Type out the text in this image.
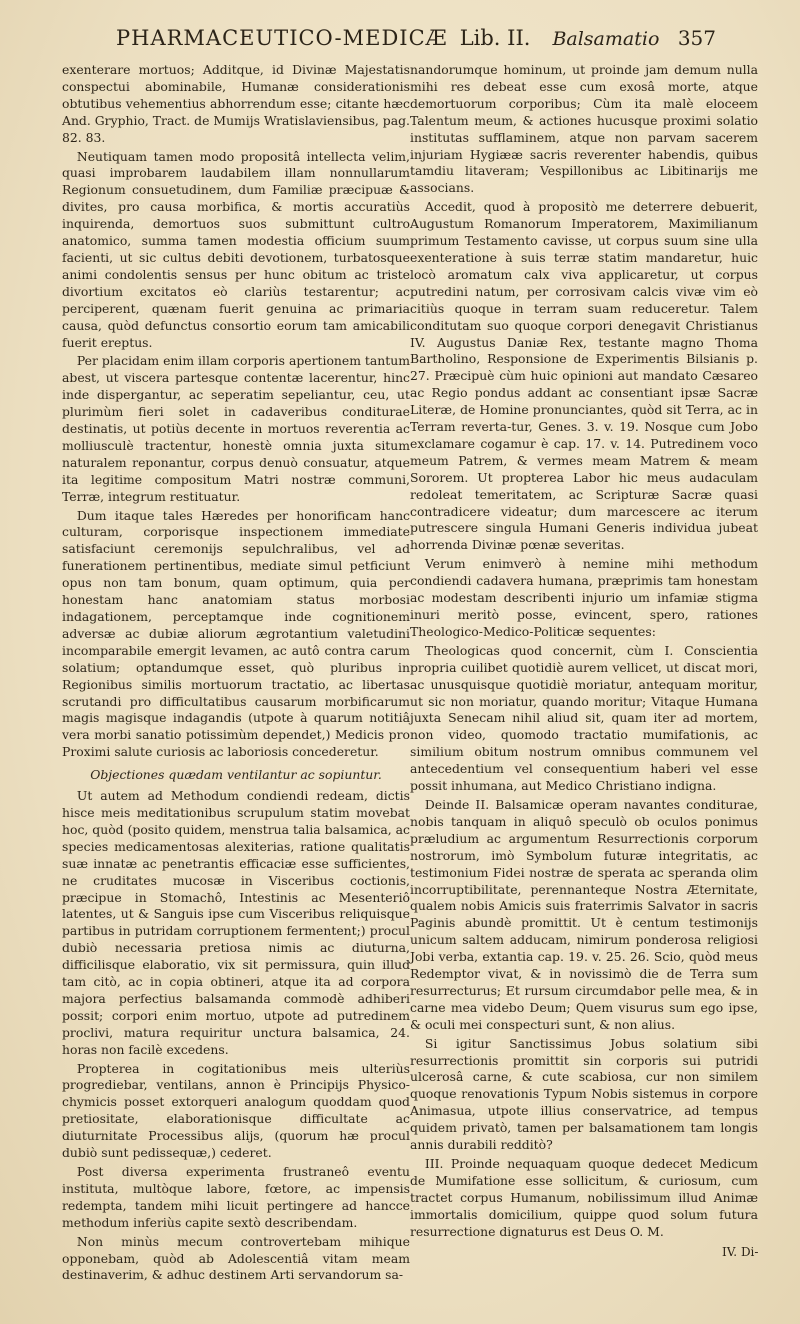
PHARMACEUTICO-MEDICÆ Lib. II. Balsamatio 357

exenterare mortuos; Additque, id Divinæ Majestatis conspectui abominabile, Humanæ considerationis obtutibus vehementius abhorrendum esse; citante hæc And. Gryphio, Tract. de Mumijs Wratislaviensibus, pag. 82. 83.

Neutiquam tamen modo propositâ intellecta velim, quasi improbarem laudabilem illam nonnullarum Regionum consuetudinem, dum Familiæ præcipuæ & divites, pro causa morbifica, & mortis accuratiùs inquirenda, demortuos suos submittunt cultro anatomico, summa tamen modestia officium suum facienti, ut sic cultus debiti devotionem, turbatosque animi condolentis sensus per hunc obitum ac triste divortium excitatos eò clariùs testarentur; ac perciperent, quænam fuerit genuina ac primaria causa, quòd defunctus consortio eorum tam amicabili fuerit ereptus.

Per placidam enim illam corporis apertionem tantum abest, ut viscera partesque contentæ lacerentur, hinc inde dispergantur, ac seperatim sepeliantur, ceu, ut plurimùm fieri solet in cadaveribus conditurae destinatis, ut potiùs decente in mortuos reverentia ac molliusculè tractentur, honestè omnia juxta situm naturalem reponantur, corpus denuò consuatur, atque ita legitime compositum Matri nostræ communi, Terræ, integrum restituatur.

Dum itaque tales Hæredes per honorificam hanc culturam, corporisque inspectionem immediate satisfaciunt ceremonijs sepulchralibus, vel ad funerationem pertinentibus, mediate simul petficiunt opus non tam bonum, quam optimum, quia per honestam hanc anatomiam status morbosi indagationem, perceptamque inde cognitionem adversæ ac dubiæ aliorum ægrotantium valetudini incomparabile emergit levamen, ac autô contra carum solatium; optandumque esset, quò pluribus in Regionibus similis mortuorum tractatio, ac libertas scrutandi pro difficultatibus causarum morbificarum magis magisque indagandis (utpote à quarum notitiâ vera morbi sanatio potissimùm dependet,) Medicis pro Proximi salute curiosis ac laboriosis concederetur.

Objectiones quædam ventilantur ac sopiuntur.

Ut autem ad Methodum condiendi redeam, dictis hisce meis meditationibus scrupulum statim movebat hoc, quòd (posito quidem, menstrua talia balsamica, ac species medicamentosas alexiterias, ratione qualitatis suæ innatæ ac penetrantis efficaciæ esse sufficientes, ne cruditates mucosæ in Visceribus coctionis, præcipue in Stomachô, Intestinis ac Mesenteriô latentes, ut & Sanguis ipse cum Visceribus reliquisque partibus in putridam corruptionem fermentent;) procul dubiò necessaria pretiosa nimis ac diuturna, difficilisque elaboratio, vix sit permissura, quin illud tam citò, ac in copia obtineri, atque ita ad corpora majora perfectius balsamanda commodè adhiberi possit; corpori enim mortuo, utpote ad putredinem proclivi, matura requiritur unctura balsamica, 24. horas non facilè excedens.

Propterea in cogitationibus meis ulteriùs progrediebar, ventilans, annon è Principijs Physico-chymicis posset extorqueri analogum quoddam quod pretiositate, elaborationisque difficultate ac diuturnitate Processibus alijs, (quorum hæ procul dubiò sunt pedissequæ,) cederet.

Post diversa experimenta frustraneô eventu instituta, multòque labore, fœtore, ac impensis redempta, tandem mihi licuit pertingere ad hancce methodum inferiùs capite sextò describendam.

Non minùs mecum controvertebam mihique opponebam, quòd ab Adolescentiâ vitam meam destinaverim, & adhuc destinem Arti servandorum sa-

nandorumque hominum, ut proinde jam demum nulla mihi res debeat esse cum exosâ morte, atque demortuorum corporibus; Cùm ita malè eloceem Talentum meum, & actiones hucusque proximi solatio institutas sufflaminem, atque non parvam sacerem injuriam Hygiææ sacris reverenter habendis, quibus tamdiu litaveram; Vespillonibus ac Libitinarijs me associans.

Accedit, quod à propositò me deterrere debuerit, Augustum Romanorum Imperatorem, Maximilianum primum Testamento cavisse, ut corpus suum sine ulla exenteratione à suis terræ statim mandaretur, huic locò aromatum calx viva applicaretur, ut corpus putredini natum, per corrosivam calcis vivæ vim eò citiùs quoque in terram suam reduceretur. Talem conditutam suo quoque corpori denegavit Christianus IV. Augustus Daniæ Rex, testante magno Thoma Bartholino, Responsione de Experimentis Bilsianis p. 27. Præcipuè cùm huic opinioni aut mandato Cæsareo ac Regio pondus addant ac consentiant ipsæ Sacræ Literæ, de Homine pronunciantes, quòd sit Terra, ac in Terram reverta-tur, Genes. 3. v. 19. Nosque cum Jobo exclamare cogamur è cap. 17. v. 14. Putredinem voco meum Patrem, & vermes meam Matrem & meam Sororem. Ut propterea Labor hic meus audaculam redoleat temeritatem, ac Scripturæ Sacræ quasi contradicere videatur; dum marcescere ac iterum putrescere singula Humani Generis individua jubeat horrenda Divinæ pœnæ severitas.

Verum enimverò à nemine mihi methodum condiendi cadavera humana, præprimis tam honestam ac modestam describenti injurio um infamiæ stigma inuri meritò posse, evincent, spero, rationes Theologico-Medico-Politicæ sequentes:

Theologicas quod concernit, cùm I. Conscientia propria cuilibet quotidiè aurem vellicet, ut discat mori, ac unusquisque quotidiè moriatur, antequam moritur, ut sic non moriatur, quando moritur; Vitaque Humana juxta Senecam nihil aliud sit, quam iter ad mortem, non video, quomodo tractatio mumifationis, ac similium obitum nostrum omnibus communem vel antecedentium vel consequentium haberi vel esse possit inhumana, aut Medico Christiano indigna.

Deinde II. Balsamicæ operam navantes conditurae, nobis tanquam in aliquô speculò ob oculos ponimus præludium ac argumentum Resurrectionis corporum nostrorum, imò Symbolum futuræ integritatis, ac testimonium Fidei nostræ de sperata ac speranda olim incorruptibilitate, perennanteque Nostra Æternitate, qualem nobis Amicis suis fraterrimis Salvator in sacris Paginis abundè promittit. Ut è centum testimonijs unicum saltem adducam, nimirum ponderosa religiosi Jobi verba, extantia cap. 19. v. 25. 26. Scio, quòd meus Redemptor vivat, & in novissimò die de Terra sum resurrecturus; Et rursum circumdabor pelle mea, & in carne mea videbo Deum; Quem visurus sum ego ipse, & oculi mei conspecturi sunt, & non alius.

Si igitur Sanctissimus Jobus solatium sibi resurrectionis promittit sin corporis sui putridi ulcerosâ carne, & cute scabiosa, cur non similem quoque renovationis Typum Nobis sistemus in corpore Animasua, utpote illius conservatrice, ad tempus quidem privatò, tamen per balsamationem tam longis annis durabili redditò?

III. Proinde nequaquam quoque dedecet Medicum de Mumifatione esse sollicitum, & curiosum, cum tractet corpus Humanum, nobilissimum illud Animæ immortalis domicilium, quippe quod solum futura resurrectione dignaturus est Deus O. M.

IV. Di-
